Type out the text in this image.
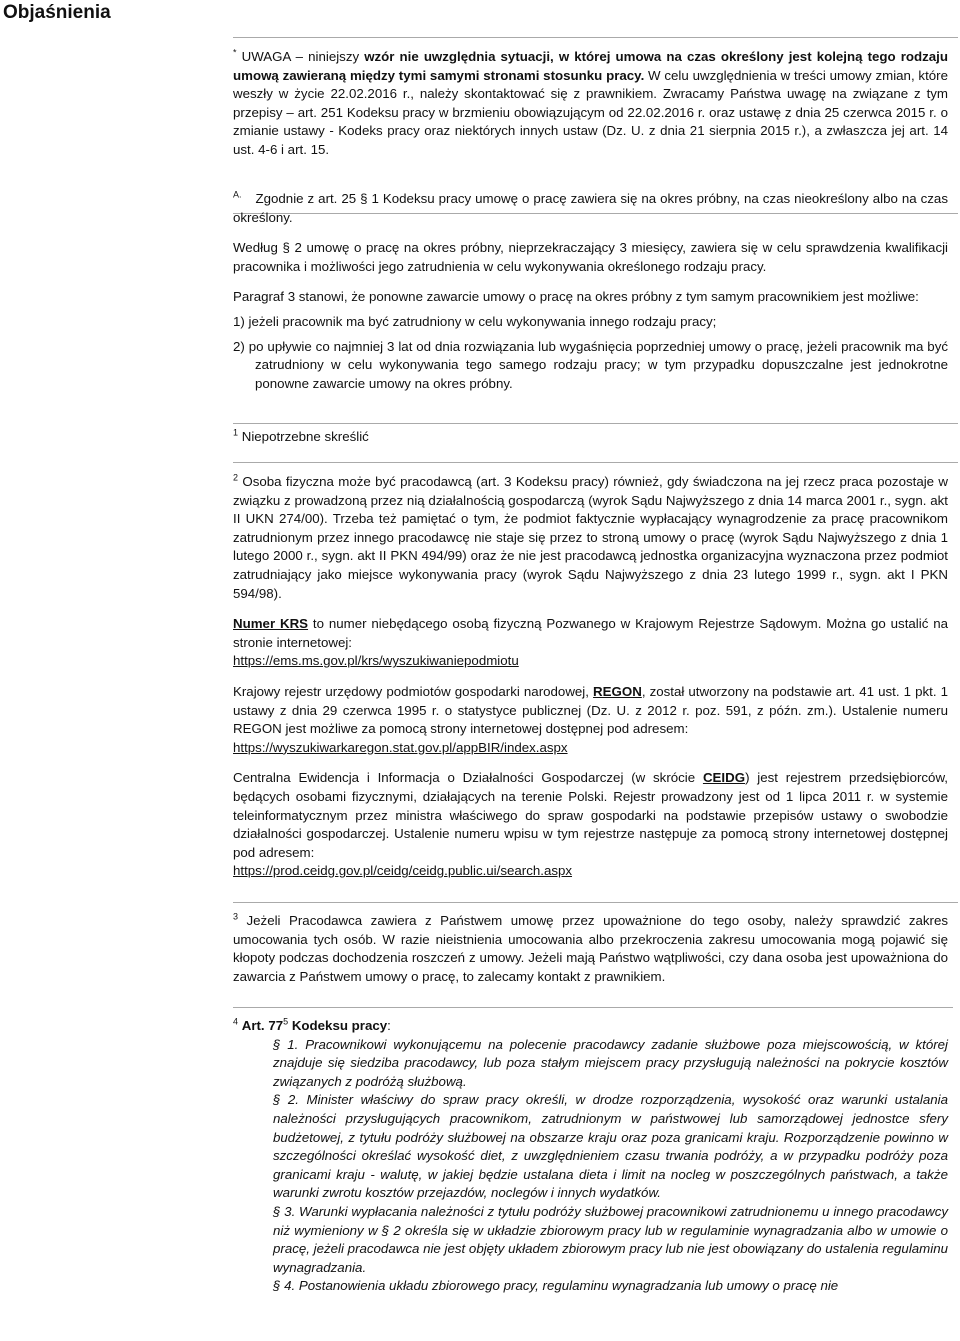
Objaśnienia
* UWAGA – niniejszy wzór nie uwzględnia sytuacji, w której umowa na czas określony jest kolejną tego rodzaju umową zawieraną między tymi samymi stronami stosunku pracy. W celu uwzględnienia w treści umowy zmian, które weszły w życie 22.02.2016 r., należy skontaktować się z prawnikiem. Zwracamy Państwa uwagę na związane z tym przepisy – art. 251 Kodeksu pracy w brzmieniu obowiązującym od 22.02.2016 r. oraz ustawę z dnia 25 czerwca 2015 r. o zmianie ustawy - Kodeks pracy oraz niektórych innych ustaw (Dz. U. z dnia 21 sierpnia 2015 r.), a zwłaszcza jej art. 14 ust. 4-6 i art. 15.
$^{A.}$ Zgodnie z art. 25 § 1 Kodeksu pracy umowę o pracę zawiera się na okres próbny, na czas nieokreślony albo na czas określony.
Według § 2 umowę o pracę na okres próbny, nieprzekraczający 3 miesięcy, zawiera się w celu sprawdzenia kwalifikacji pracownika i możliwości jego zatrudnienia w celu wykonywania określonego rodzaju pracy.
Paragraf 3 stanowi, że ponowne zawarcie umowy o pracę na okres próbny z tym samym pracownikiem jest możliwe:
1) jeżeli pracownik ma być zatrudniony w celu wykonywania innego rodzaju pracy;
2) po upływie co najmniej 3 lat od dnia rozwiązania lub wygaśnięcia poprzedniej umowy o pracę, jeżeli pracownik ma być zatrudniony w celu wykonywania tego samego rodzaju pracy; w tym przypadku dopuszczalne jest jednokrotne ponowne zawarcie umowy na okres próbny.
$^1$ Niepotrzebne skreślić
$^2$ Osoba fizyczna może być pracodawcą (art. 3 Kodeksu pracy) również, gdy świadczona na jej rzecz praca pozostaje w związku z prowadzoną przez nią działalnością gospodarczą (wyrok Sądu Najwyższego z dnia 14 marca 2001 r., sygn. akt II UKN 274/00). Trzeba też pamiętać o tym, że podmiot faktycznie wypłacający wynagrodzenie za pracę pracownikom zatrudnionym przez innego pracodawcę nie staje się przez to stroną umowy o pracę (wyrok Sądu Najwyższego z dnia 1 lutego 2000 r., sygn. akt II PKN 494/99) oraz że nie jest pracodawcą jednostka organizacyjna wyznaczona przez podmiot zatrudniający jako miejsce wykonywania pracy (wyrok Sądu Najwyższego z dnia 23 lutego 1999 r., sygn. akt I PKN 594/98).
Numer KRS to numer niebędącego osobą fizyczną Pozwanego w Krajowym Rejestrze Sądowym. Można go ustalić na stronie internetowej:
https://ems.ms.gov.pl/krs/wyszukiwaniepodmiotu
Krajowy rejestr urzędowy podmiotów gospodarki narodowej, REGON, został utworzony na podstawie art. 41 ust. 1 pkt. 1 ustawy z dnia 29 czerwca 1995 r. o statystyce publicznej (Dz. U. z 2012 r. poz. 591, z późn. zm.). Ustalenie numeru REGON jest możliwe za pomocą strony internetowej dostępnej pod adresem:
https://wyszukiwarkaregon.stat.gov.pl/appBIR/index.aspx
Centralna Ewidencja i Informacja o Działalności Gospodarczej (w skrócie CEIDG) jest rejestrem przedsiębiorców, będących osobami fizycznymi, działających na terenie Polski. Rejestr prowadzony jest od 1 lipca 2011 r. w systemie teleinformatycznym przez ministra właściwego do spraw gospodarki na podstawie przepisów ustawy o swobodzie działalności gospodarczej. Ustalenie numeru wpisu w tym rejestrze następuje za pomocą strony internetowej dostępnej pod adresem:
https://prod.ceidg.gov.pl/ceidg/ceidg.public.ui/search.aspx
$^3$ Jeżeli Pracodawca zawiera z Państwem umowę przez upoważnione do tego osoby, należy sprawdzić zakres umocowania tych osób. W razie nieistnienia umocowania albo przekroczenia zakresu umocowania mogą pojawić się kłopoty podczas dochodzenia roszczeń z umowy. Jeżeli mają Państwo wątpliwości, czy dana osoba jest upoważniona do zawarcia z Państwem umowy o pracę, to zalecamy kontakt z prawnikiem.
$^4$ Art. $77^5$ Kodeksu pracy:
§ 1. Pracownikowi wykonującemu na polecenie pracodawcy zadanie służbowe poza miejscowością, w której znajduje się siedziba pracodawcy, lub poza stałym miejscem pracy przysługują należności na pokrycie kosztów związanych z podróżą służbową.
§ 2. Minister właściwy do spraw pracy określi, w drodze rozporządzenia, wysokość oraz warunki ustalania należności przysługujących pracownikom, zatrudnionym w państwowej lub samorządowej jednostce sfery budżetowej, z tytułu podróży służbowej na obszarze kraju oraz poza granicami kraju. Rozporządzenie powinno w szczególności określać wysokość diet, z uwzględnieniem czasu trwania podróży, a w przypadku podróży poza granicami kraju - walutę, w jakiej będzie ustalana dieta i limit na nocleg w poszczególnych państwach, a także warunki zwrotu kosztów przejazdów, noclegów i innych wydatków.
§ 3. Warunki wypłacania należności z tytułu podróży służbowej pracownikowi zatrudnionemu u innego pracodawcy niż wymieniony w § 2 określa się w układzie zbiorowym pracy lub w regulaminie wynagradzania albo w umowie o pracę, jeżeli pracodawca nie jest objęty układem zbiorowym pracy lub nie jest obowiązany do ustalenia regulaminu wynagradzania.
§ 4. Postanowienia układu zbiorowego pracy, regulaminu wynagradzania lub umowy o pracę nie
